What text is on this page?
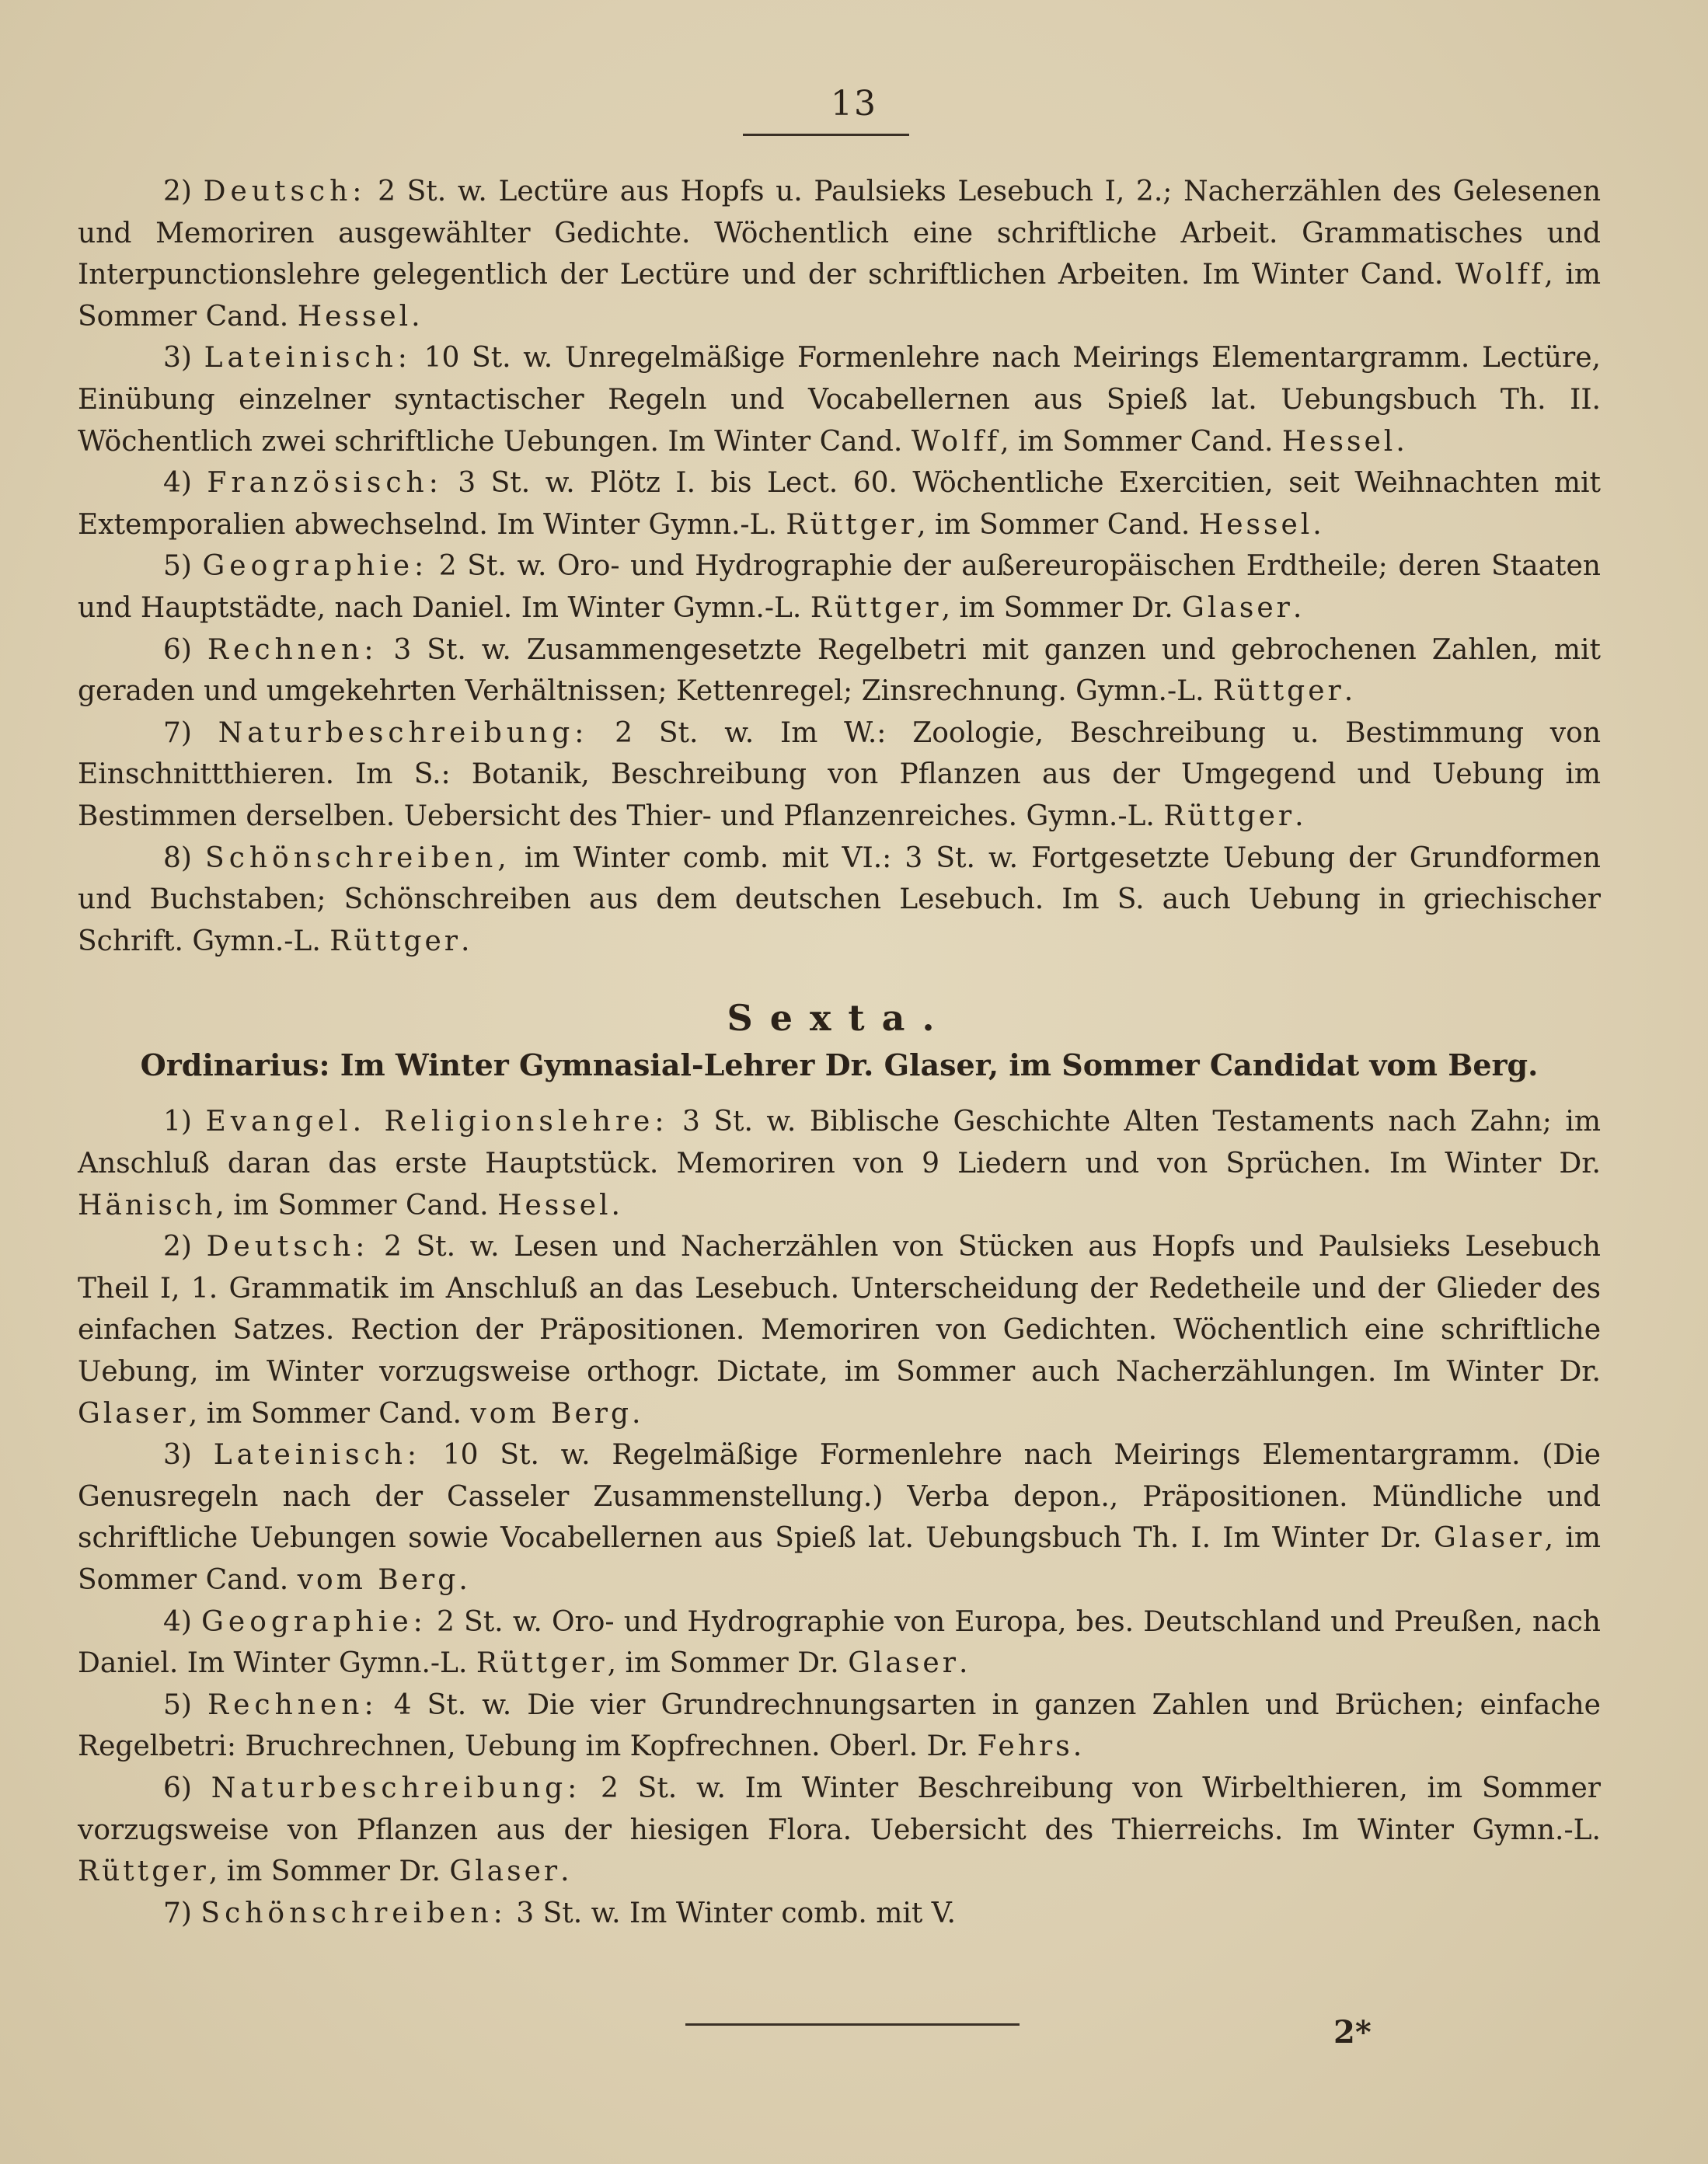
13

2) Deutsch: 2 St. w. Lectüre aus Hopfs u. Paulsieks Lesebuch I, 2.; Nacherzählen des Gelesenen und Memoriren ausgewählter Gedichte. Wöchentlich eine schriftliche Arbeit. Grammatisches und Interpunctionslehre gelegentlich der Lectüre und der schriftlichen Arbeiten. Im Winter Cand. Wolff, im Sommer Cand. Hessel.

3) Lateinisch: 10 St. w. Unregelmäßige Formenlehre nach Meirings Elementargramm. Lectüre, Einübung einzelner syntactischer Regeln und Vocabellernen aus Spieß lat. Uebungsbuch Th. II. Wöchentlich zwei schriftliche Uebungen. Im Winter Cand. Wolff, im Sommer Cand. Hessel.

4) Französisch: 3 St. w. Plötz I. bis Lect. 60. Wöchentliche Exercitien, seit Weihnachten mit Extemporalien abwechselnd. Im Winter Gymn.-L. Rüttger, im Sommer Cand. Hessel.

5) Geographie: 2 St. w. Oro- und Hydrographie der außereuropäischen Erdtheile; deren Staaten und Hauptstädte, nach Daniel. Im Winter Gymn.-L. Rüttger, im Sommer Dr. Glaser.

6) Rechnen: 3 St. w. Zusammengesetzte Regelbetri mit ganzen und gebrochenen Zahlen, mit geraden und umgekehrten Verhältnissen; Kettenregel; Zinsrechnung. Gymn.-L. Rüttger.

7) Naturbeschreibung: 2 St. w. Im W.: Zoologie, Beschreibung u. Bestimmung von Einschnittthieren. Im S.: Botanik, Beschreibung von Pflanzen aus der Umgegend und Uebung im Bestimmen derselben. Uebersicht des Thier- und Pflanzenreiches. Gymn.-L. Rüttger.

8) Schönschreiben, im Winter comb. mit VI.: 3 St. w. Fortgesetzte Uebung der Grundformen und Buchstaben; Schönschreiben aus dem deutschen Lesebuch. Im S. auch Uebung in griechischer Schrift. Gymn.-L. Rüttger.

Sexta.
Ordinarius: Im Winter Gymnasial-Lehrer Dr. Glaser, im Sommer Candidat vom Berg.

1) Evangel. Religionslehre: 3 St. w. Biblische Geschichte Alten Testaments nach Zahn; im Anschluß daran das erste Hauptstück. Memoriren von 9 Liedern und von Sprüchen. Im Winter Dr. Hänisch, im Sommer Cand. Hessel.

2) Deutsch: 2 St. w. Lesen und Nacherzählen von Stücken aus Hopfs und Paulsieks Lesebuch Theil I, 1. Grammatik im Anschluß an das Lesebuch. Unterscheidung der Redetheile und der Glieder des einfachen Satzes. Rection der Präpositionen. Memoriren von Gedichten. Wöchentlich eine schriftliche Uebung, im Winter vorzugsweise orthogr. Dictate, im Sommer auch Nacherzählungen. Im Winter Dr. Glaser, im Sommer Cand. vom Berg.

3) Lateinisch: 10 St. w. Regelmäßige Formenlehre nach Meirings Elementargramm. (Die Genusregeln nach der Casseler Zusammenstellung.) Verba depon., Präpositionen. Mündliche und schriftliche Uebungen sowie Vocabellernen aus Spieß lat. Uebungsbuch Th. I. Im Winter Dr. Glaser, im Sommer Cand. vom Berg.

4) Geographie: 2 St. w. Oro- und Hydrographie von Europa, bes. Deutschland und Preußen, nach Daniel. Im Winter Gymn.-L. Rüttger, im Sommer Dr. Glaser.

5) Rechnen: 4 St. w. Die vier Grundrechnungsarten in ganzen Zahlen und Brüchen; einfache Regelbetri: Bruchrechnen, Uebung im Kopfrechnen. Oberl. Dr. Fehrs.

6) Naturbeschreibung: 2 St. w. Im Winter Beschreibung von Wirbelthieren, im Sommer vorzugsweise von Pflanzen aus der hiesigen Flora. Uebersicht des Thierreichs. Im Winter Gymn.-L. Rüttger, im Sommer Dr. Glaser.

7) Schönschreiben: 3 St. w. Im Winter comb. mit V.

2*
